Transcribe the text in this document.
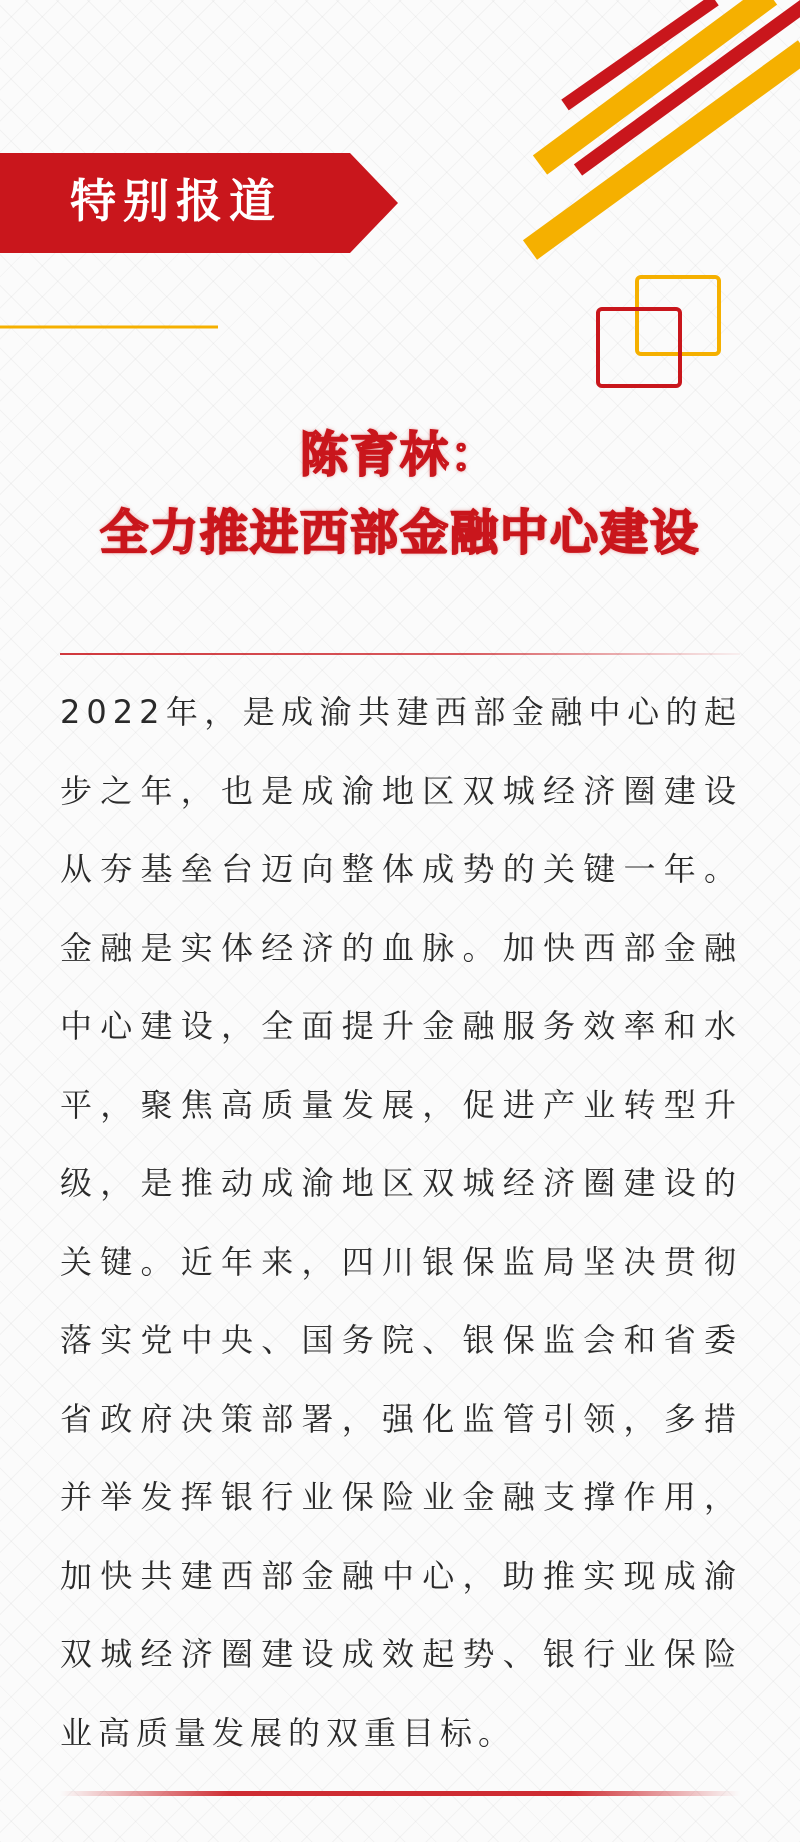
特别报道
陈育林：
全力推进西部金融中心建设

2022年，是成渝共建西部金融中心的起步之年，也是成渝地区双城经济圈建设从夯基垒台迈向整体成势的关键一年。金融是实体经济的血脉。加快西部金融中心建设，全面提升金融服务效率和水平，聚焦高质量发展，促进产业转型升级，是推动成渝地区双城经济圈建设的关键。近年来，四川银保监局坚决贯彻落实党中央、国务院、银保监会和省委省政府决策部署，强化监管引领，多措并举发挥银行业保险业金融支撑作用，加快共建西部金融中心，助推实现成渝双城经济圈建设成效起势、银行业保险业高质量发展的双重目标。
